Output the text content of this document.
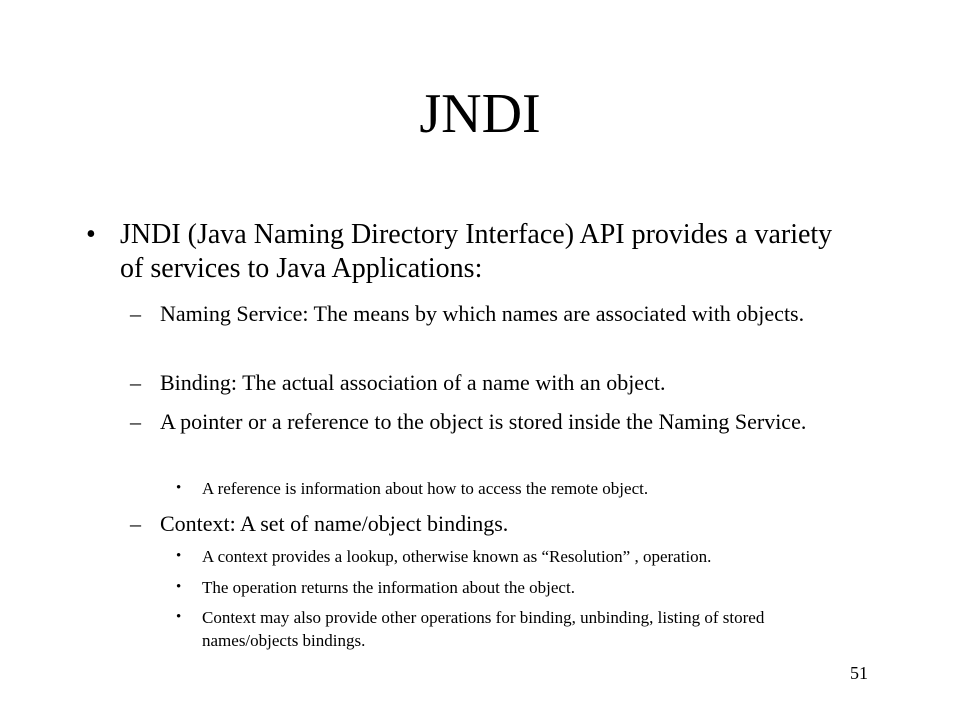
JNDI
• JNDI (Java Naming Directory Interface) API provides a variety of services to Java Applications:
– Naming Service: The means by which names are associated with objects.
– Binding: The actual association of a name with an object.
– A pointer or a reference to the object is stored inside the Naming Service.
•	A reference is information about how to access the remote object.
– Context: A set of name/object bindings.
•	A context provides a lookup, otherwise known as “Resolution” , operation.
•	The operation returns the information about the object.
•	Context may also provide other operations for binding, unbinding, listing of stored names/objects bindings.
51
